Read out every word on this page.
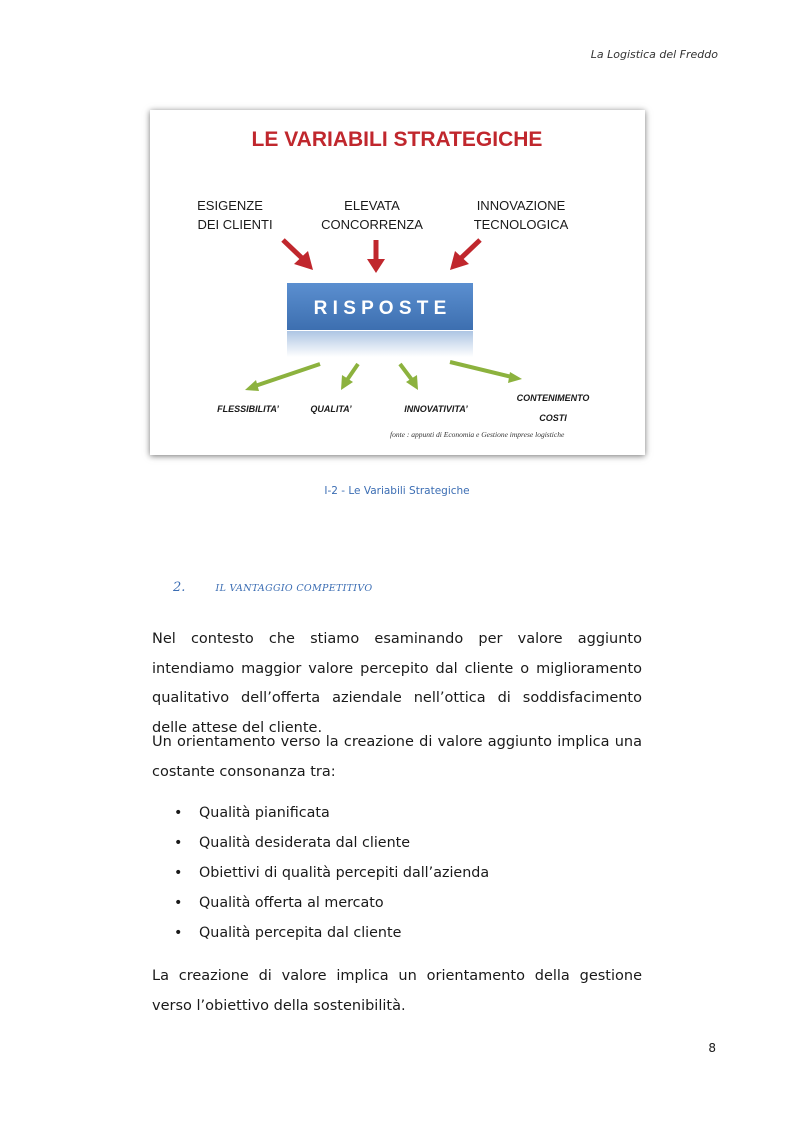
La Logistica del Freddo
LE VARIABILI STRATEGICHE
ESIGENZE
DEI CLIENTI
ELEVATA
CONCORRENZA
INNOVAZIONE
TECNOLOGICA
R I S P O S T E
FLESSIBILITA’	QUALITA’	INNOVATIVITA’
CONTENIMENTO
COSTI
fonte : appunti di Economia e Gestione imprese logistiche
I-2 - Le Variabili Strategiche
2.	IL VANTAGGIO COMPETITIVO
Nel contesto che stiamo esaminando per valore aggiunto intendiamo maggior valore percepito dal cliente o miglioramento qualitativo dell’offerta aziendale nell’ottica di soddisfacimento delle attese del cliente.
Un orientamento verso la creazione di valore aggiunto implica una costante consonanza tra:
• Qualità pianificata
• Qualità desiderata dal cliente
• Obiettivi di qualità percepiti dall’azienda
• Qualità offerta al mercato
• Qualità percepita dal cliente
La creazione di valore implica un orientamento della gestione verso l’obiettivo della sostenibilità.
8
